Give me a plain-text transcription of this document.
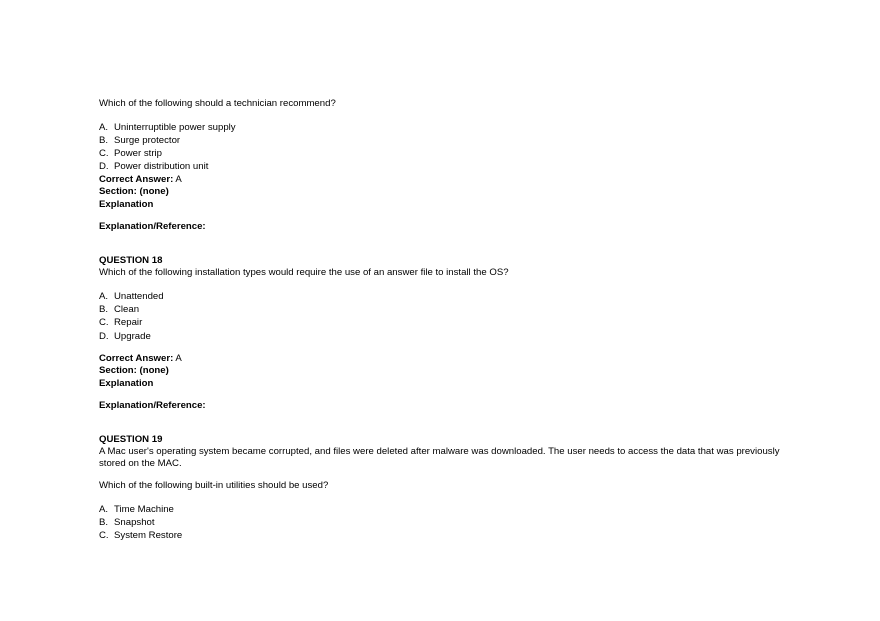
Which of the following should a technician recommend?
A. Uninterruptible power supply
B. Surge protector
C. Power strip
D. Power distribution unit
Correct Answer: A
Section: (none)
Explanation
Explanation/Reference:
QUESTION 18
Which of the following installation types would require the use of an answer file to install the OS?
A. Unattended
B. Clean
C. Repair
D. Upgrade
Correct Answer: A
Section: (none)
Explanation
Explanation/Reference:
QUESTION 19
A Mac user's operating system became corrupted, and files were deleted after malware was downloaded. The user needs to access the data that was previously stored on the MAC.
Which of the following built-in utilities should be used?
A. Time Machine
B. Snapshot
C. System Restore
